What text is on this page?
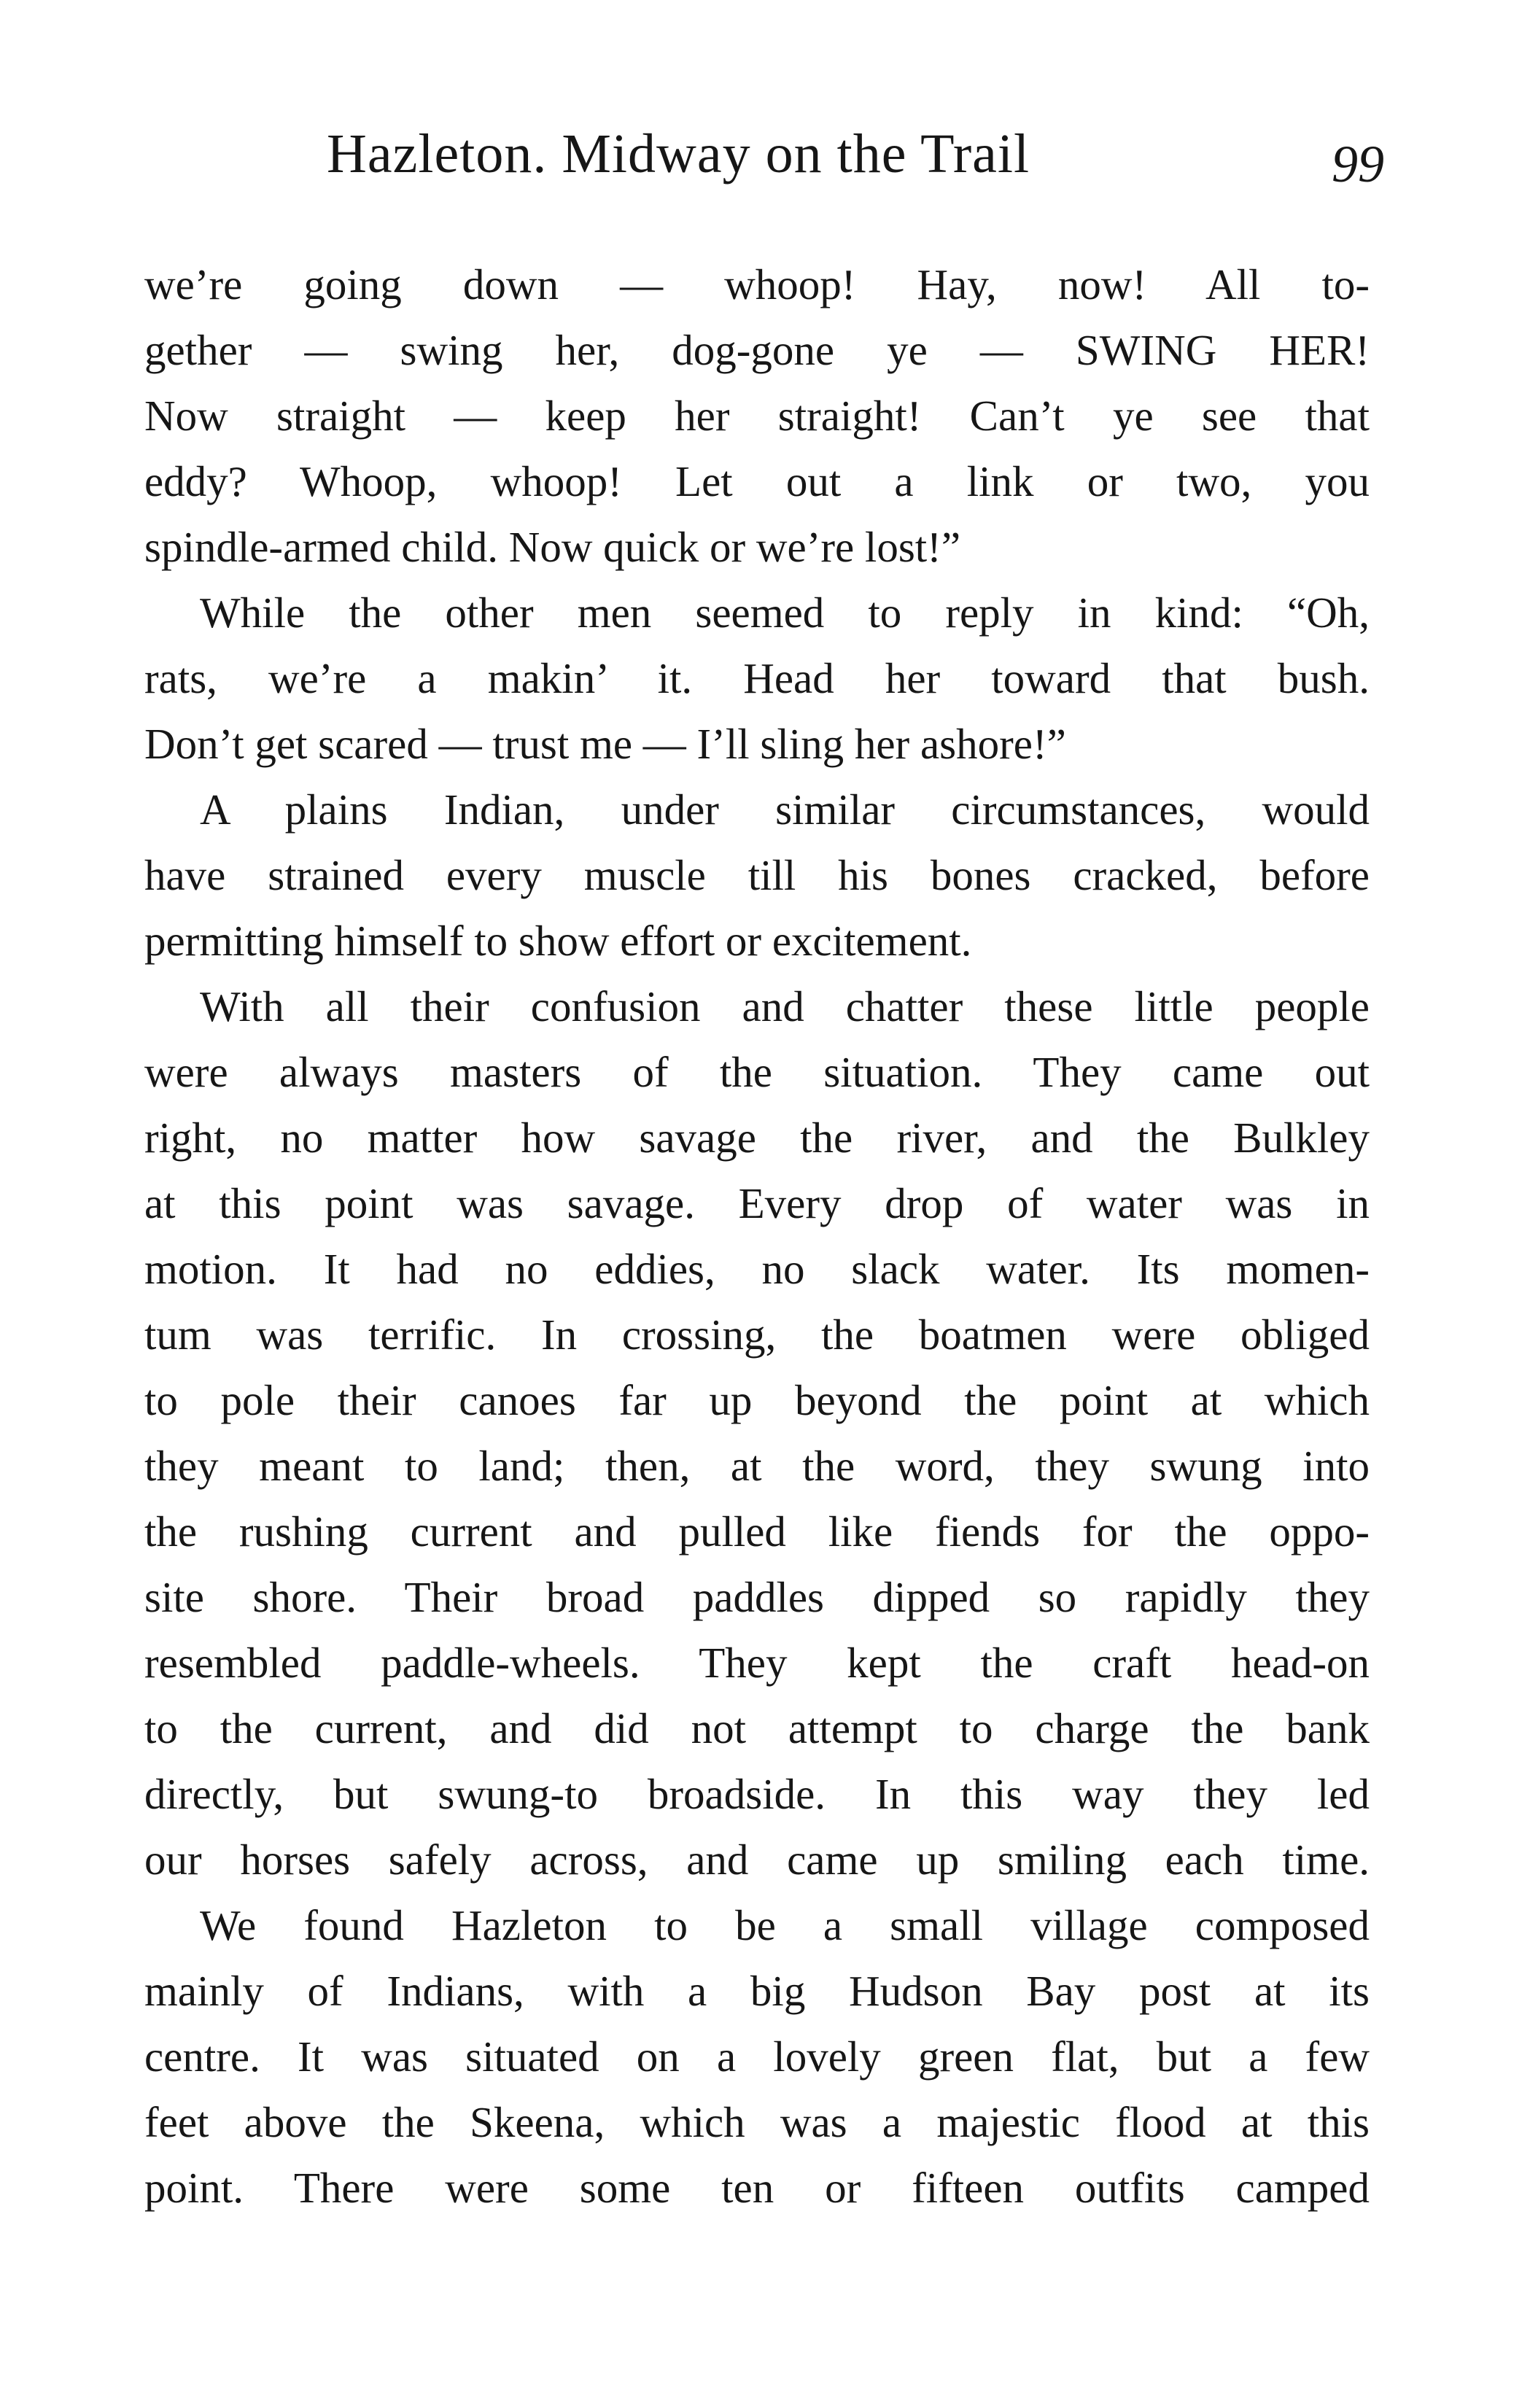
Hazleton. Midway on the Trail	99
we’re going down — whoop! Hay, now! All to-
gether — swing her, dog-gone ye — SWING HER!
Now straight — keep her straight! Can’t ye see that
eddy? Whoop, whoop! Let out a link or two, you
spindle-armed child. Now quick or we’re lost!”
While the other men seemed to reply in kind: “Oh,
rats, we’re a makin’ it. Head her toward that bush.
Don’t get scared — trust me — I’ll sling her ashore!”
A plains Indian, under similar circumstances, would
have strained every muscle till his bones cracked, before
permitting himself to show effort or excitement.
With all their confusion and chatter these little people
were always masters of the situation. They came out
right, no matter how savage the river, and the Bulkley
at this point was savage. Every drop of water was in
motion. It had no eddies, no slack water. Its momen-
tum was terrific. In crossing, the boatmen were obliged
to pole their canoes far up beyond the point at which
they meant to land; then, at the word, they swung into
the rushing current and pulled like fiends for the oppo-
site shore. Their broad paddles dipped so rapidly they
resembled paddle-wheels. They kept the craft head-on
to the current, and did not attempt to charge the bank
directly, but swung-to broadside. In this way they led
our horses safely across, and came up smiling each time.
We found Hazleton to be a small village composed
mainly of Indians, with a big Hudson Bay post at its
centre. It was situated on a lovely green flat, but a few
feet above the Skeena, which was a majestic flood at this
point. There were some ten or fifteen outfits camped
